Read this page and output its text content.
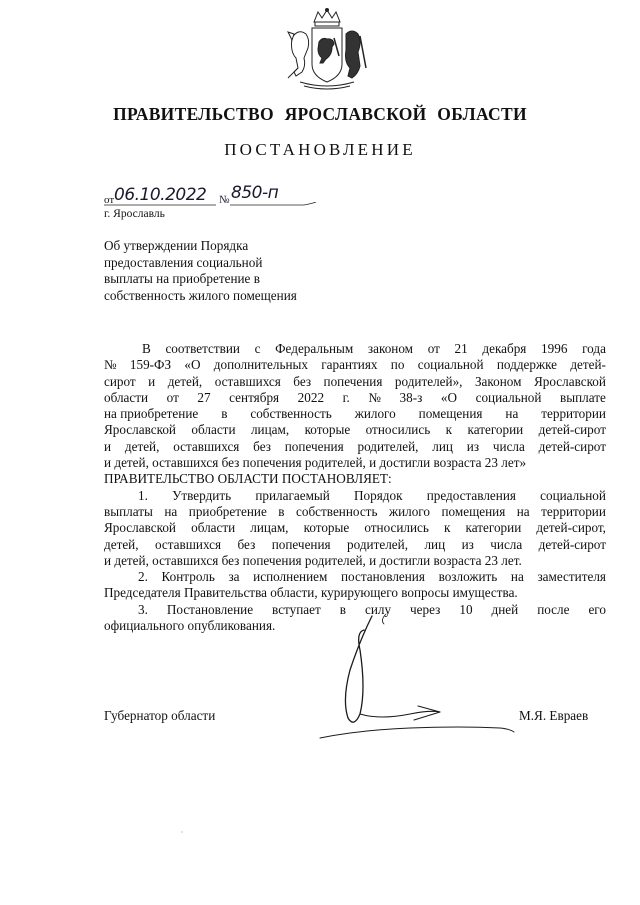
ПРАВИТЕЛЬСТВО ЯРОСЛАВСКОЙ ОБЛАСТИ
ПОСТАНОВЛЕНИЕ
от 06.10.2022 № 850-п
г. Ярославль
Об утверждении Порядка
предоставления социальной
выплаты на приобретение в
собственность жилого помещения
В соответствии с Федеральным законом от 21 декабря 1996 года
№ 159-ФЗ «О дополнительных гарантиях по социальной поддержке детей-
сирот и детей, оставшихся без попечения родителей», Законом Ярославской
области от 27 сентября 2022 г. № 38-з «О социальной выплате
на приобретение в собственность жилого помещения на территории
Ярославской области лицам, которые относились к категории детей-сирот
и детей, оставшихся без попечения родителей, лиц из числа детей-сирот
и детей, оставшихся без попечения родителей, и достигли возраста 23 лет»
ПРАВИТЕЛЬСТВО ОБЛАСТИ ПОСТАНОВЛЯЕТ:
1. Утвердить прилагаемый Порядок предоставления социальной
выплаты на приобретение в собственность жилого помещения на территории
Ярославской области лицам, которые относились к категории детей-сирот,
детей, оставшихся без попечения родителей, лиц из числа детей-сирот
и детей, оставшихся без попечения родителей, и достигли возраста 23 лет.
2. Контроль за исполнением постановления возложить на заместителя
Председателя Правительства области, курирующего вопросы имущества.
3. Постановление вступает в силу через 10 дней после его
официального опубликования.
Губернатор области	М.Я. Евраев
